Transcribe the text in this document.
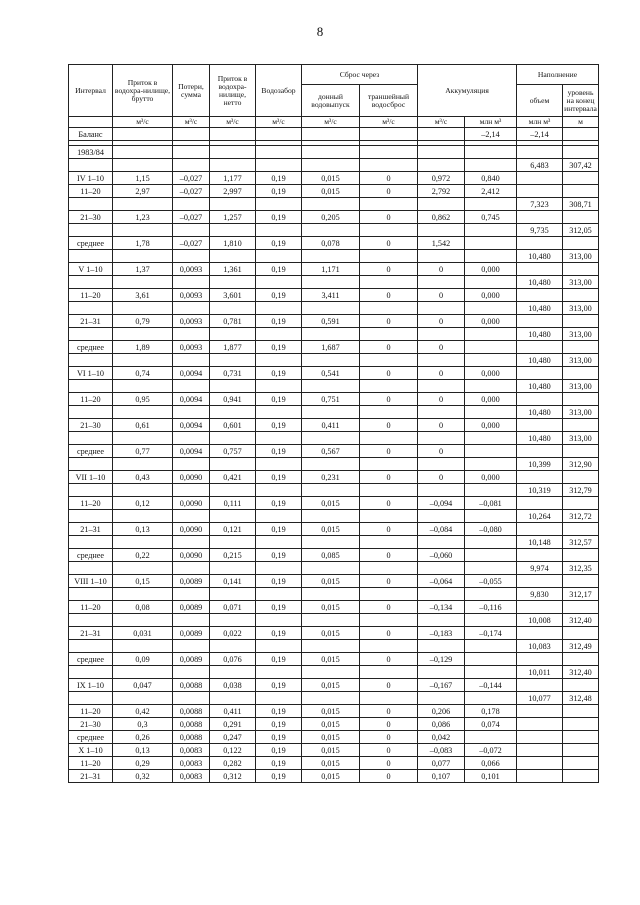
8
Интервал	Приток в водохра-нилище, брутто	Потери, сумма	Приток в водохра-нилище, нетто	Водозабор	Сброс через		Аккумуляция		Наполнение	
					донный водовыпуск	траншейный водосброс			объем	уровень на конец интервала

	м³/с	м³/с	м³/с	м³/с	м³/с	м³/с	м³/с	млн м³	млн м³	м
Баланс								–2,14	–2,14	

1983/84										
									6,483	307,42
IV 1–10	1,15	–0,027	1,177	0,19	0,015	0	0,972	0,840		
11–20	2,97	–0,027	2,997	0,19	0,015	0	2,792	2,412		
									7,323	308,71
21–30	1,23	–0,027	1,257	0,19	0,205	0	0,862	0,745		
									9,735	312,05
среднее	1,78	–0,027	1,810	0,19	0,078	0	1,542			
									10,480	313,00
V 1–10	1,37	0,0093	1,361	0,19	1,171	0	0	0,000		
									10,480	313,00
11–20	3,61	0,0093	3,601	0,19	3,411	0	0	0,000		
									10,480	313,00
21–31	0,79	0,0093	0,781	0,19	0,591	0	0	0,000		
									10,480	313,00
среднее	1,89	0,0093	1,877	0,19	1,687	0	0			
									10,480	313,00
VI 1–10	0,74	0,0094	0,731	0,19	0,541	0	0	0,000		
									10,480	313,00
11–20	0,95	0,0094	0,941	0,19	0,751	0	0	0,000		
									10,480	313,00
21–30	0,61	0,0094	0,601	0,19	0,411	0	0	0,000		
									10,480	313,00
среднее	0,77	0,0094	0,757	0,19	0,567	0	0			
									10,399	312,90
VII 1–10	0,43	0,0090	0,421	0,19	0,231	0	0	0,000		
									10,319	312,79
11–20	0,12	0,0090	0,111	0,19	0,015	0	–0,094	–0,081		
									10,264	312,72
21–31	0,13	0,0090	0,121	0,19	0,015	0	–0,084	–0,080		
									10,148	312,57
среднее	0,22	0,0090	0,215	0,19	0,085	0	–0,060			
									9,974	312,35
VIII 1–10	0,15	0,0089	0,141	0,19	0,015	0	–0,064	–0,055		
									9,830	312,17
11–20	0,08	0,0089	0,071	0,19	0,015	0	–0,134	–0,116		
									10,008	312,40
21–31	0,031	0,0089	0,022	0,19	0,015	0	–0,183	–0,174		
									10,083	312,49
среднее	0,09	0,0089	0,076	0,19	0,015	0	–0,129			
									10,011	312,40
IX 1–10	0,047	0,0088	0,038	0,19	0,015	0	–0,167	–0,144		
									10,077	312,48
11–20	0,42	0,0088	0,411	0,19	0,015	0	0,206	0,178		
21–30	0,3	0,0088	0,291	0,19	0,015	0	0,086	0,074		
среднее	0,26	0,0088	0,247	0,19	0,015	0	0,042			
X 1–10	0,13	0,0083	0,122	0,19	0,015	0	–0,083	–0,072		
11–20	0,29	0,0083	0,282	0,19	0,015	0	0,077	0,066		
21–31	0,32	0,0083	0,312	0,19	0,015	0	0,107	0,101		
